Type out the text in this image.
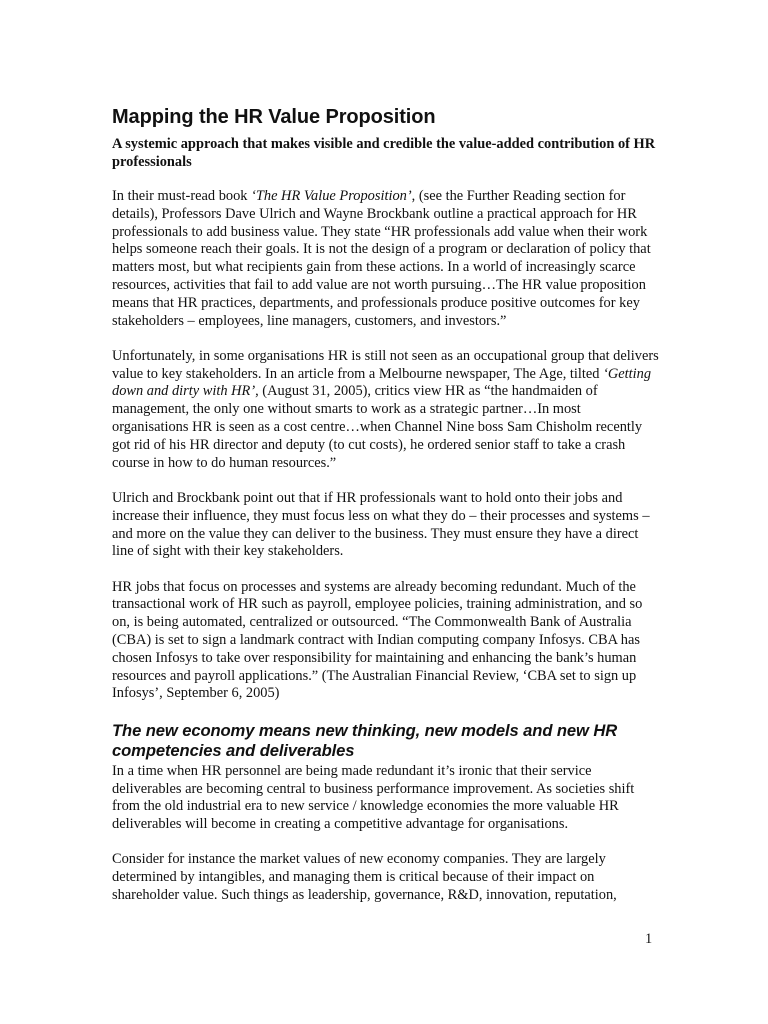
Mapping the HR Value Proposition

A systemic approach that makes visible and credible the value-added contribution of HR professionals

In their must-read book ‘The HR Value Proposition’, (see the Further Reading section for details), Professors Dave Ulrich and Wayne Brockbank outline a practical approach for HR professionals to add business value. They state “HR professionals add value when their work helps someone reach their goals. It is not the design of a program or declaration of policy that matters most, but what recipients gain from these actions. In a world of increasingly scarce resources, activities that fail to add value are not worth pursuing…The HR value proposition means that HR practices, departments, and professionals produce positive outcomes for key stakeholders – employees, line managers, customers, and investors.”

Unfortunately, in some organisations HR is still not seen as an occupational group that delivers value to key stakeholders. In an article from a Melbourne newspaper, The Age, tilted ‘Getting down and dirty with HR’, (August 31, 2005), critics view HR as “the handmaiden of management, the only one without smarts to work as a strategic partner…In most organisations HR is seen as a cost centre…when Channel Nine boss Sam Chisholm recently got rid of his HR director and deputy (to cut costs), he ordered senior staff to take a crash course in how to do human resources.”

Ulrich and Brockbank point out that if HR professionals want to hold onto their jobs and increase their influence, they must focus less on what they do – their processes and systems – and more on the value they can deliver to the business. They must ensure they have a direct line of sight with their key stakeholders.

HR jobs that focus on processes and systems are already becoming redundant. Much of the transactional work of HR such as payroll, employee policies, training administration, and so on, is being automated, centralized or outsourced. “The Commonwealth Bank of Australia (CBA) is set to sign a landmark contract with Indian computing company Infosys. CBA has chosen Infosys to take over responsibility for maintaining and enhancing the bank’s human resources and payroll applications.” (The Australian Financial Review, ‘CBA set to sign up Infosys’, September 6, 2005)

The new economy means new thinking, new models and new HR competencies and deliverables

In a time when HR personnel are being made redundant it’s ironic that their service deliverables are becoming central to business performance improvement. As societies shift from the old industrial era to new service / knowledge economies the more valuable HR deliverables will become in creating a competitive advantage for organisations.

Consider for instance the market values of new economy companies. They are largely determined by intangibles, and managing them is critical because of their impact on shareholder value. Such things as leadership, governance, R&D, innovation, reputation,

1
